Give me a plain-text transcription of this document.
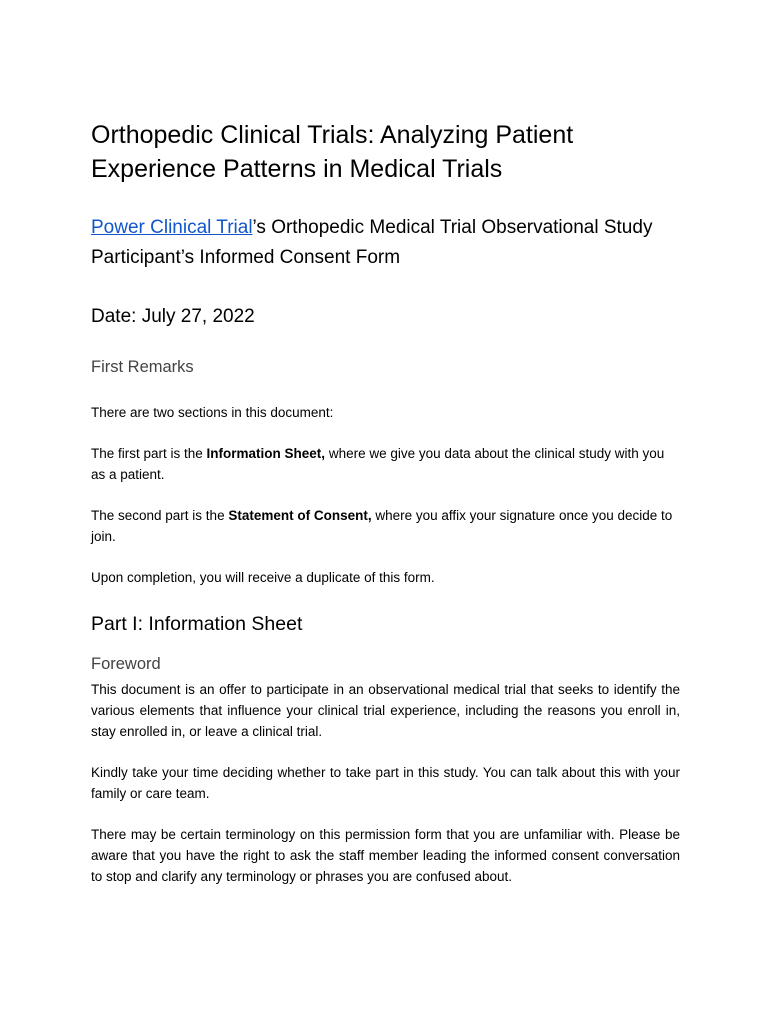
Orthopedic Clinical Trials: Analyzing Patient Experience Patterns in Medical Trials
Power Clinical Trial’s Orthopedic Medical Trial Observational Study Participant’s Informed Consent Form
Date: July 27, 2022
First Remarks

There are two sections in this document:

The first part is the Information Sheet, where we give you data about the clinical study with you as a patient.

The second part is the Statement of Consent, where you affix your signature once you decide to join.

Upon completion, you will receive a duplicate of this form.

Part I: Information Sheet
Foreword

This document is an offer to participate in an observational medical trial that seeks to identify the various elements that influence your clinical trial experience, including the reasons you enroll in, stay enrolled in, or leave a clinical trial.

Kindly take your time deciding whether to take part in this study. You can talk about this with your family or care team.

There may be certain terminology on this permission form that you are unfamiliar with. Please be aware that you have the right to ask the staff member leading the informed consent conversation to stop and clarify any terminology or phrases you are confused about.
